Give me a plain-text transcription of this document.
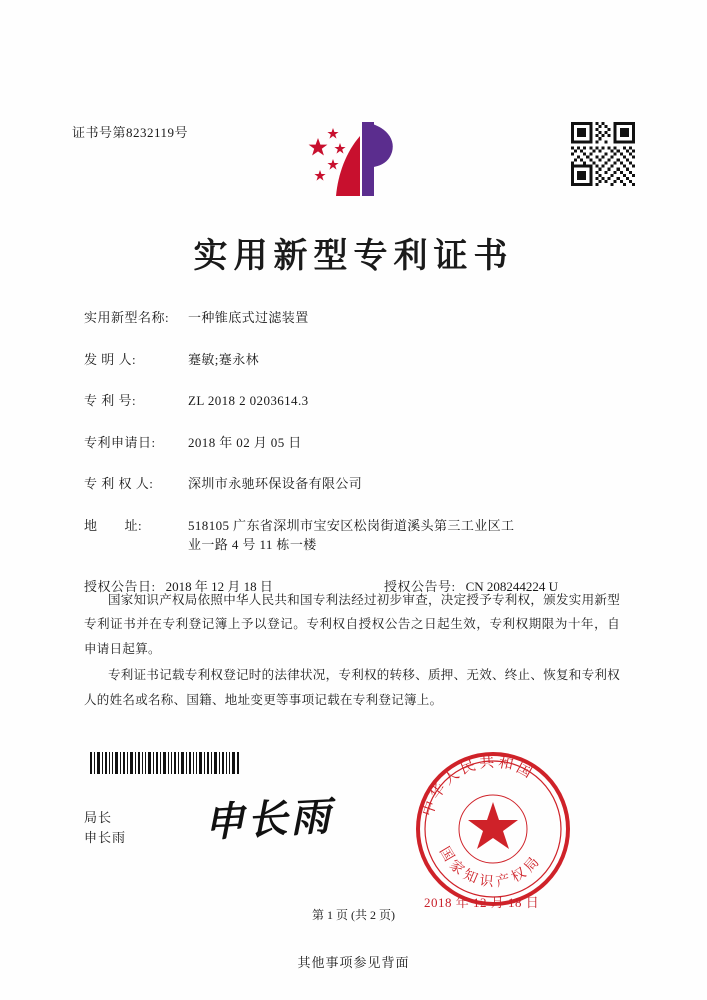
证书号第8232119号
实用新型专利证书
实用新型名称:	一种锥底式过滤装置
发 明 人:	蹇敏;蹇永林
专 利 号:	ZL 2018 2 0203614.3
专利申请日:	2018 年 02 月 05 日
专 利 权 人:	深圳市永驰环保设备有限公司
地　　址:	518105 广东省深圳市宝安区松岗街道溪头第三工业区工
业一路 4 号 11 栋一楼
授权公告日: 2018 年 12 月 18 日	授权公告号: CN 208244224 U

国家知识产权局依照中华人民共和国专利法经过初步审查，决定授予专利权，颁发实用新型专利证书并在专利登记簿上予以登记。专利权自授权公告之日起生效，专利权期限为十年，自申请日起算。

专利证书记载专利权登记时的法律状况，专利权的转移、质押、无效、终止、恢复和专利权人的姓名或名称、国籍、地址变更等事项记载在专利登记簿上。

局长
申长雨 申长雨	中华人民共和国
国家知识产权局
2018 年 12 月 18 日
第 1 页 (共 2 页)
其他事项参见背面
